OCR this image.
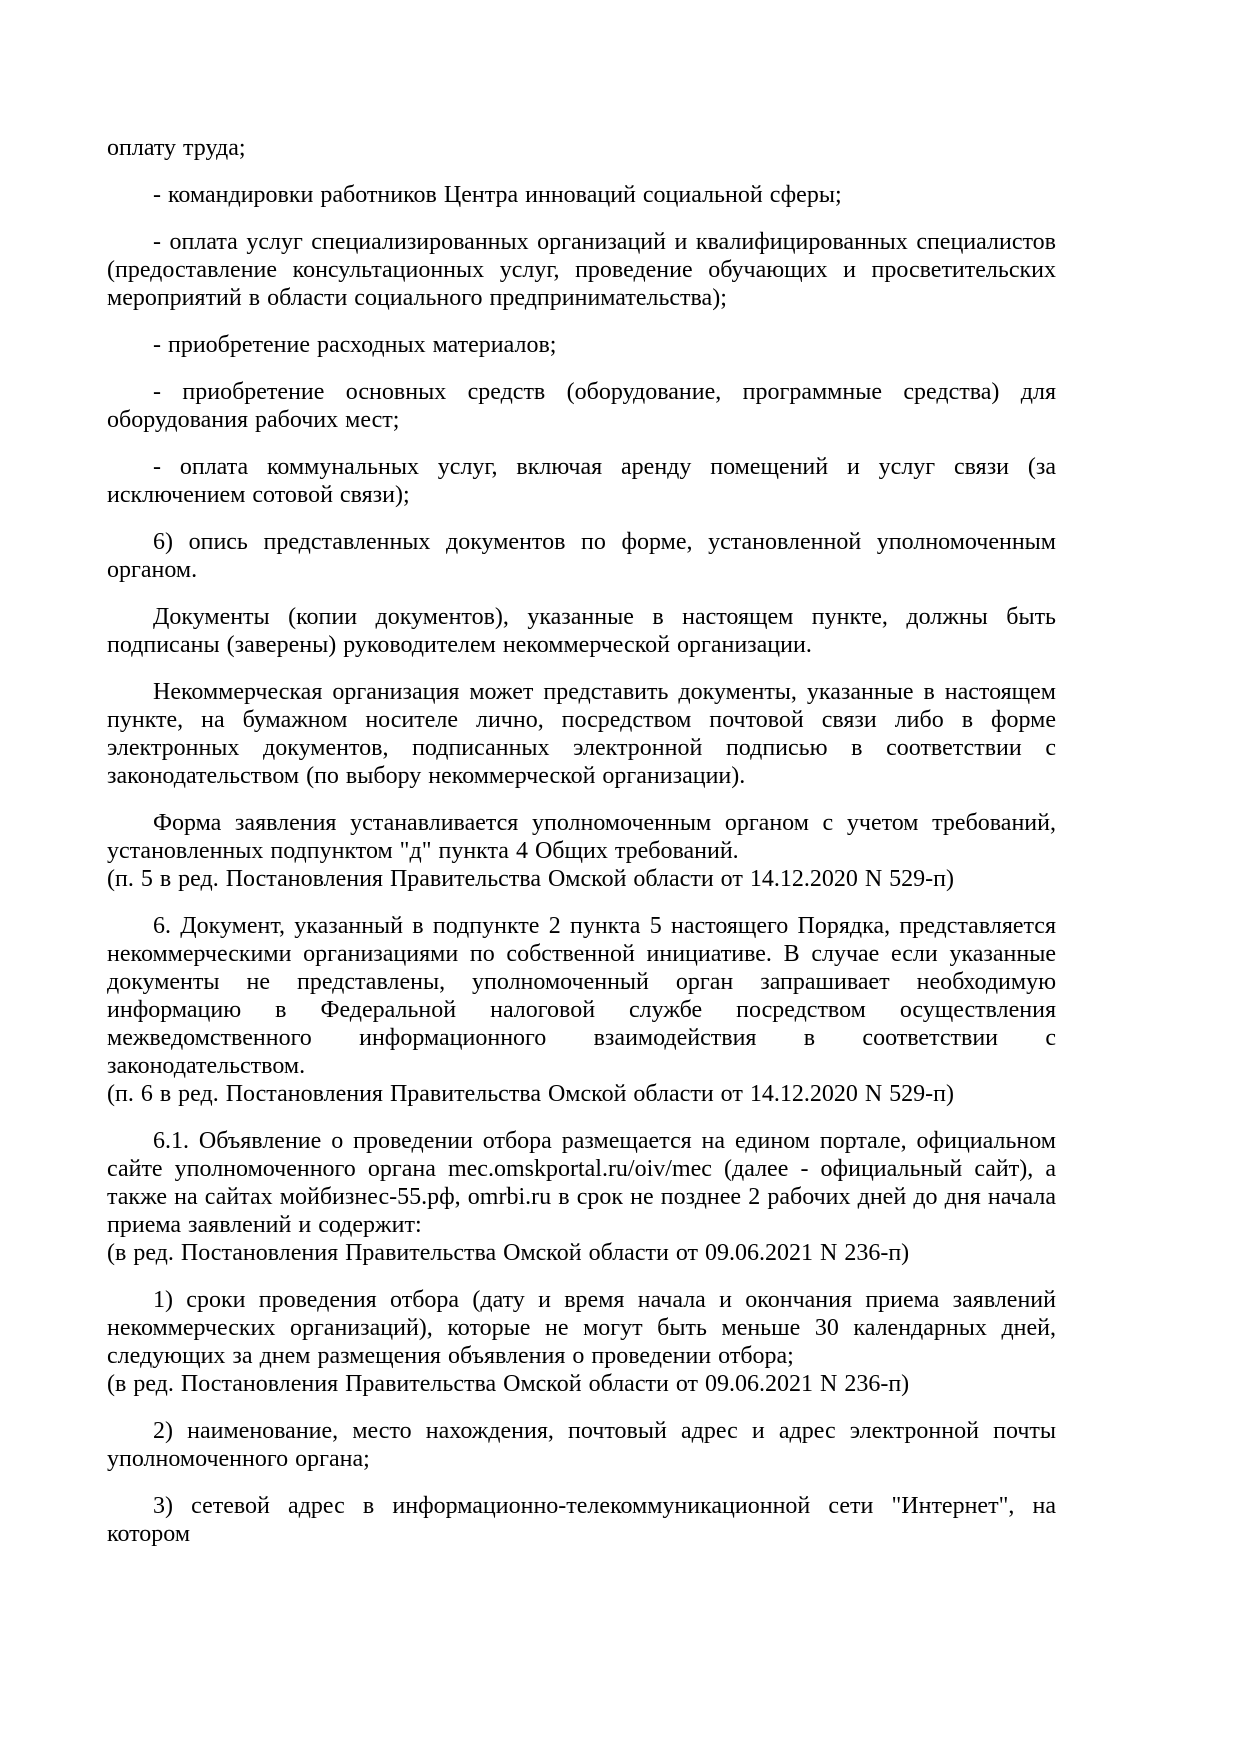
оплату труда;

- командировки работников Центра инноваций социальной сферы;

- оплата услуг специализированных организаций и квалифицированных специалистов (предоставление консультационных услуг, проведение обучающих и просветительских мероприятий в области социального предпринимательства);

- приобретение расходных материалов;

- приобретение основных средств (оборудование, программные средства) для оборудования рабочих мест;

- оплата коммунальных услуг, включая аренду помещений и услуг связи (за исключением сотовой связи);

6) опись представленных документов по форме, установленной уполномоченным органом.

Документы (копии документов), указанные в настоящем пункте, должны быть подписаны (заверены) руководителем некоммерческой организации.

Некоммерческая организация может представить документы, указанные в настоящем пункте, на бумажном носителе лично, посредством почтовой связи либо в форме электронных документов, подписанных электронной подписью в соответствии с законодательством (по выбору некоммерческой организации).

Форма заявления устанавливается уполномоченным органом с учетом требований, установленных подпунктом "д" пункта 4 Общих требований.

(п. 5 в ред. Постановления Правительства Омской области от 14.12.2020 N 529-п)

6. Документ, указанный в подпункте 2 пункта 5 настоящего Порядка, представляется некоммерческими организациями по собственной инициативе. В случае если указанные документы не представлены, уполномоченный орган запрашивает необходимую информацию в Федеральной налоговой службе посредством осуществления межведомственного информационного взаимодействия в соответствии с законодательством.

(п. 6 в ред. Постановления Правительства Омской области от 14.12.2020 N 529-п)

6.1. Объявление о проведении отбора размещается на едином портале, официальном сайте уполномоченного органа mec.omskportal.ru/oiv/mec (далее - официальный сайт), а также на сайтах мойбизнес-55.рф, omrbi.ru в срок не позднее 2 рабочих дней до дня начала приема заявлений и содержит:

(в ред. Постановления Правительства Омской области от 09.06.2021 N 236-п)

1) сроки проведения отбора (дату и время начала и окончания приема заявлений некоммерческих организаций), которые не могут быть меньше 30 календарных дней, следующих за днем размещения объявления о проведении отбора;

(в ред. Постановления Правительства Омской области от 09.06.2021 N 236-п)

2) наименование, место нахождения, почтовый адрес и адрес электронной почты уполномоченного органа;

3) сетевой адрес в информационно-телекоммуникационной сети "Интернет", на котором
